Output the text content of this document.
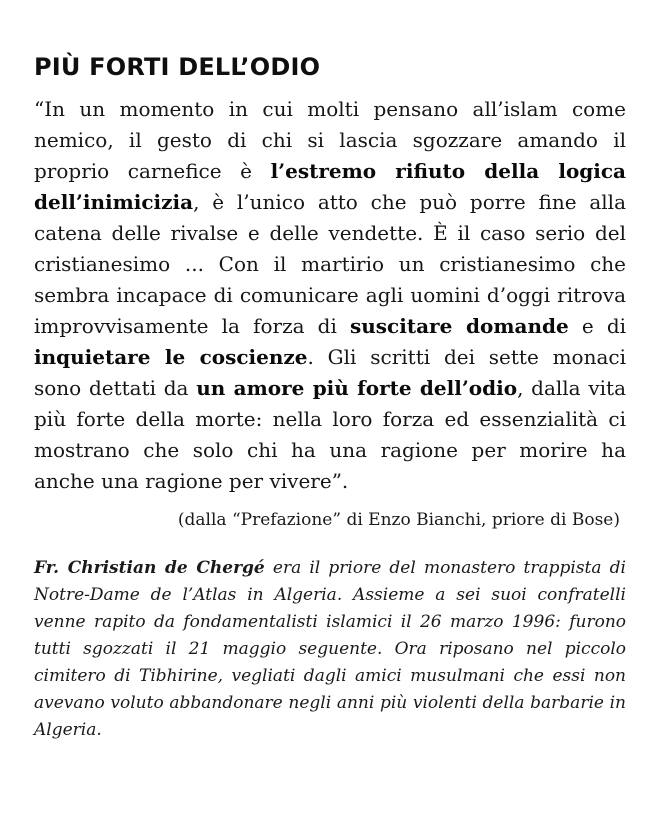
PIÙ FORTI DELL’ODIO

“In un momento in cui molti pensano all’islam come nemico, il gesto di chi si lascia sgozzare amando il proprio carnefice è l’estremo rifiuto della logica dell’inimicizia, è l’unico atto che può porre fine alla catena delle rivalse e delle vendette. È il caso serio del cristianesimo ... Con il martirio un cristianesimo che sembra incapace di comunicare agli uomini d’oggi ritrova improvvisamente la forza di suscitare domande e di inquietare le coscienze. Gli scritti dei sette monaci sono dettati da un amore più forte dell’odio, dalla vita più forte della morte: nella loro forza ed essenzialità ci mostrano che solo chi ha una ragione per morire ha anche una ragione per vivere”.

(dalla “Prefazione” di Enzo Bianchi, priore di Bose)

Fr. Christian de Chergé era il priore del monastero trappista di Notre-Dame de l’Atlas in Algeria. Assieme a sei suoi confratelli venne rapito da fondamentalisti islamici il 26 marzo 1996: furono tutti sgozzati il 21 maggio seguente. Ora riposano nel piccolo cimitero di Tibhirine, vegliati dagli amici musulmani che essi non avevano voluto abbandonare negli anni più violenti della barbarie in Algeria.
